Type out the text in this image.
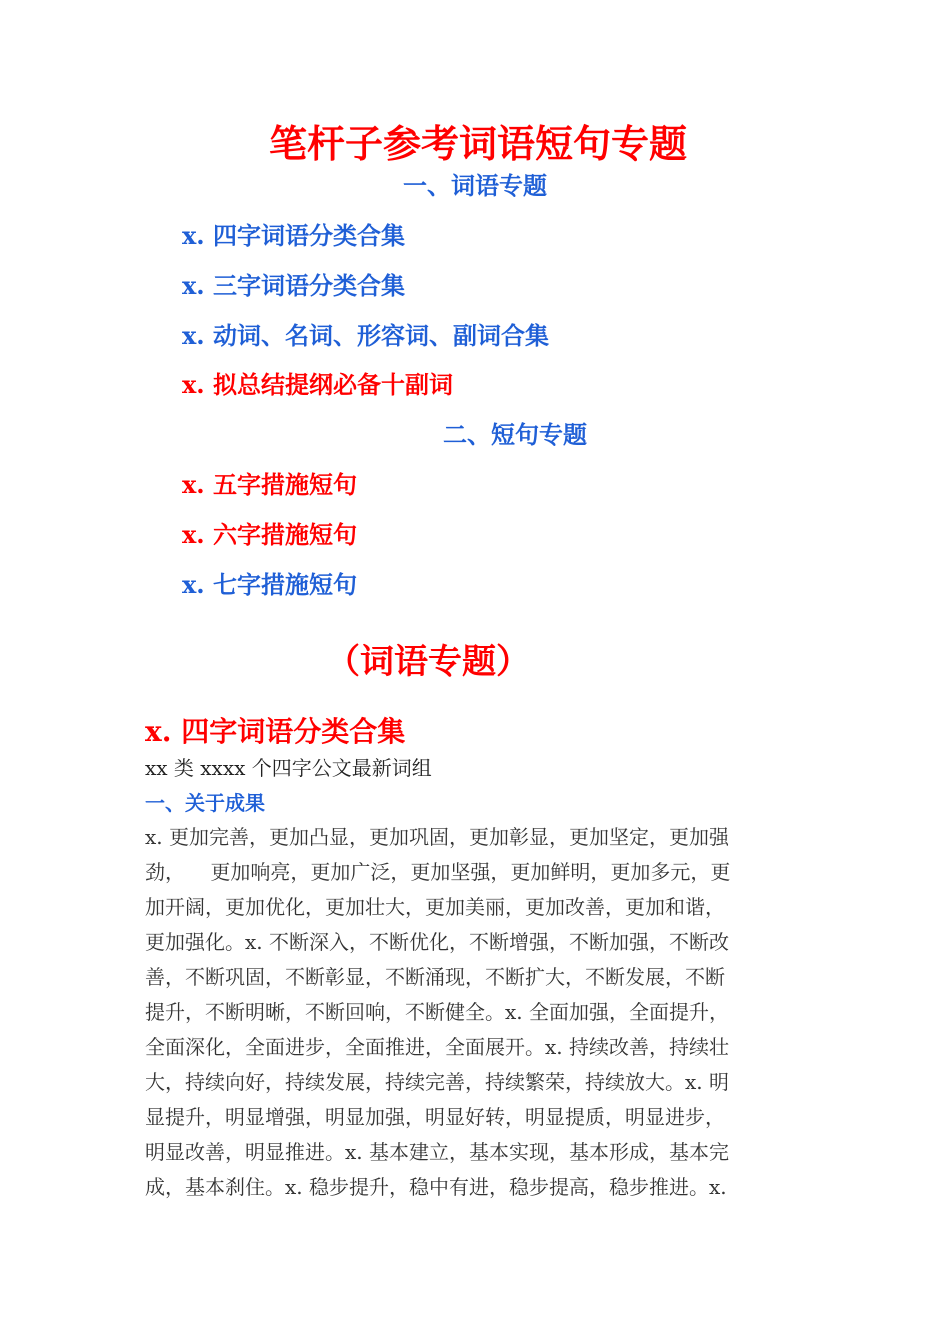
笔杆子参考词语短句专题
一、词语专题
x. 四字词语分类合集
x. 三字词语分类合集
x. 动词、名词、形容词、副词合集
x. 拟总结提纲必备十副词
二、短句专题
x. 五字措施短句
x. 六字措施短句
x. 七字措施短句
（词语专题）
x. 四字词语分类合集
xx 类 xxxx 个四字公文最新词组
一、关于成果
x. 更加完善，更加凸显，更加巩固，更加彰显，更加坚定，更加强
劲，    更加响亮，更加广泛，更加坚强，更加鲜明，更加多元，更
加开阔，更加优化，更加壮大，更加美丽，更加改善，更加和谐，
更加强化。x. 不断深入，不断优化，不断增强，不断加强，不断改
善，不断巩固，不断彰显，不断涌现，不断扩大，不断发展，不断
提升，不断明晰，不断回响，不断健全。x. 全面加强，全面提升，
全面深化，全面进步，全面推进，全面展开。x. 持续改善，持续壮
大，持续向好，持续发展，持续完善，持续繁荣，持续放大。x. 明
显提升，明显增强，明显加强，明显好转，明显提质，明显进步，
明显改善，明显推进。x. 基本建立，基本实现，基本形成，基本完
成，基本刹住。x. 稳步提升，稳中有进，稳步提高，稳步推进。x.
